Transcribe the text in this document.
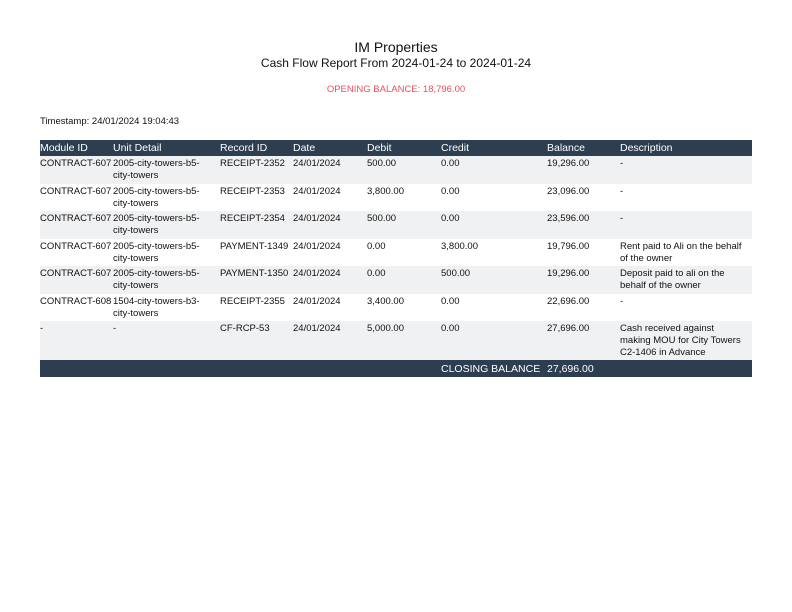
IM Properties
Cash Flow Report From 2024-01-24 to 2024-01-24
OPENING BALANCE: 18,796.00
Timestamp: 24/01/2024 19:04:43
Module ID	Unit Detail	Record ID	Date	Debit	Credit	Balance	Description
CONTRACT-607	2005-city-towers-b5-city-towers	RECEIPT-2352	24/01/2024	500.00	0.00	19,296.00	-
CONTRACT-607	2005-city-towers-b5-city-towers	RECEIPT-2353	24/01/2024	3,800.00	0.00	23,096.00	-
CONTRACT-607	2005-city-towers-b5-city-towers	RECEIPT-2354	24/01/2024	500.00	0.00	23,596.00	-
CONTRACT-607	2005-city-towers-b5-city-towers	PAYMENT-1349	24/01/2024	0.00	3,800.00	19,796.00	Rent paid to Ali on the behalf of the owner
CONTRACT-607	2005-city-towers-b5-city-towers	PAYMENT-1350	24/01/2024	0.00	500.00	19,296.00	Deposit paid to ali on the behalf of the owner
CONTRACT-608	1504-city-towers-b3-city-towers	RECEIPT-2355	24/01/2024	3,400.00	0.00	22,696.00	-
-	-	CF-RCP-53	24/01/2024	5,000.00	0.00	27,696.00	Cash received against making MOU for City Towers C2-1406 in Advance
					CLOSING BALANCE	27,696.00	
